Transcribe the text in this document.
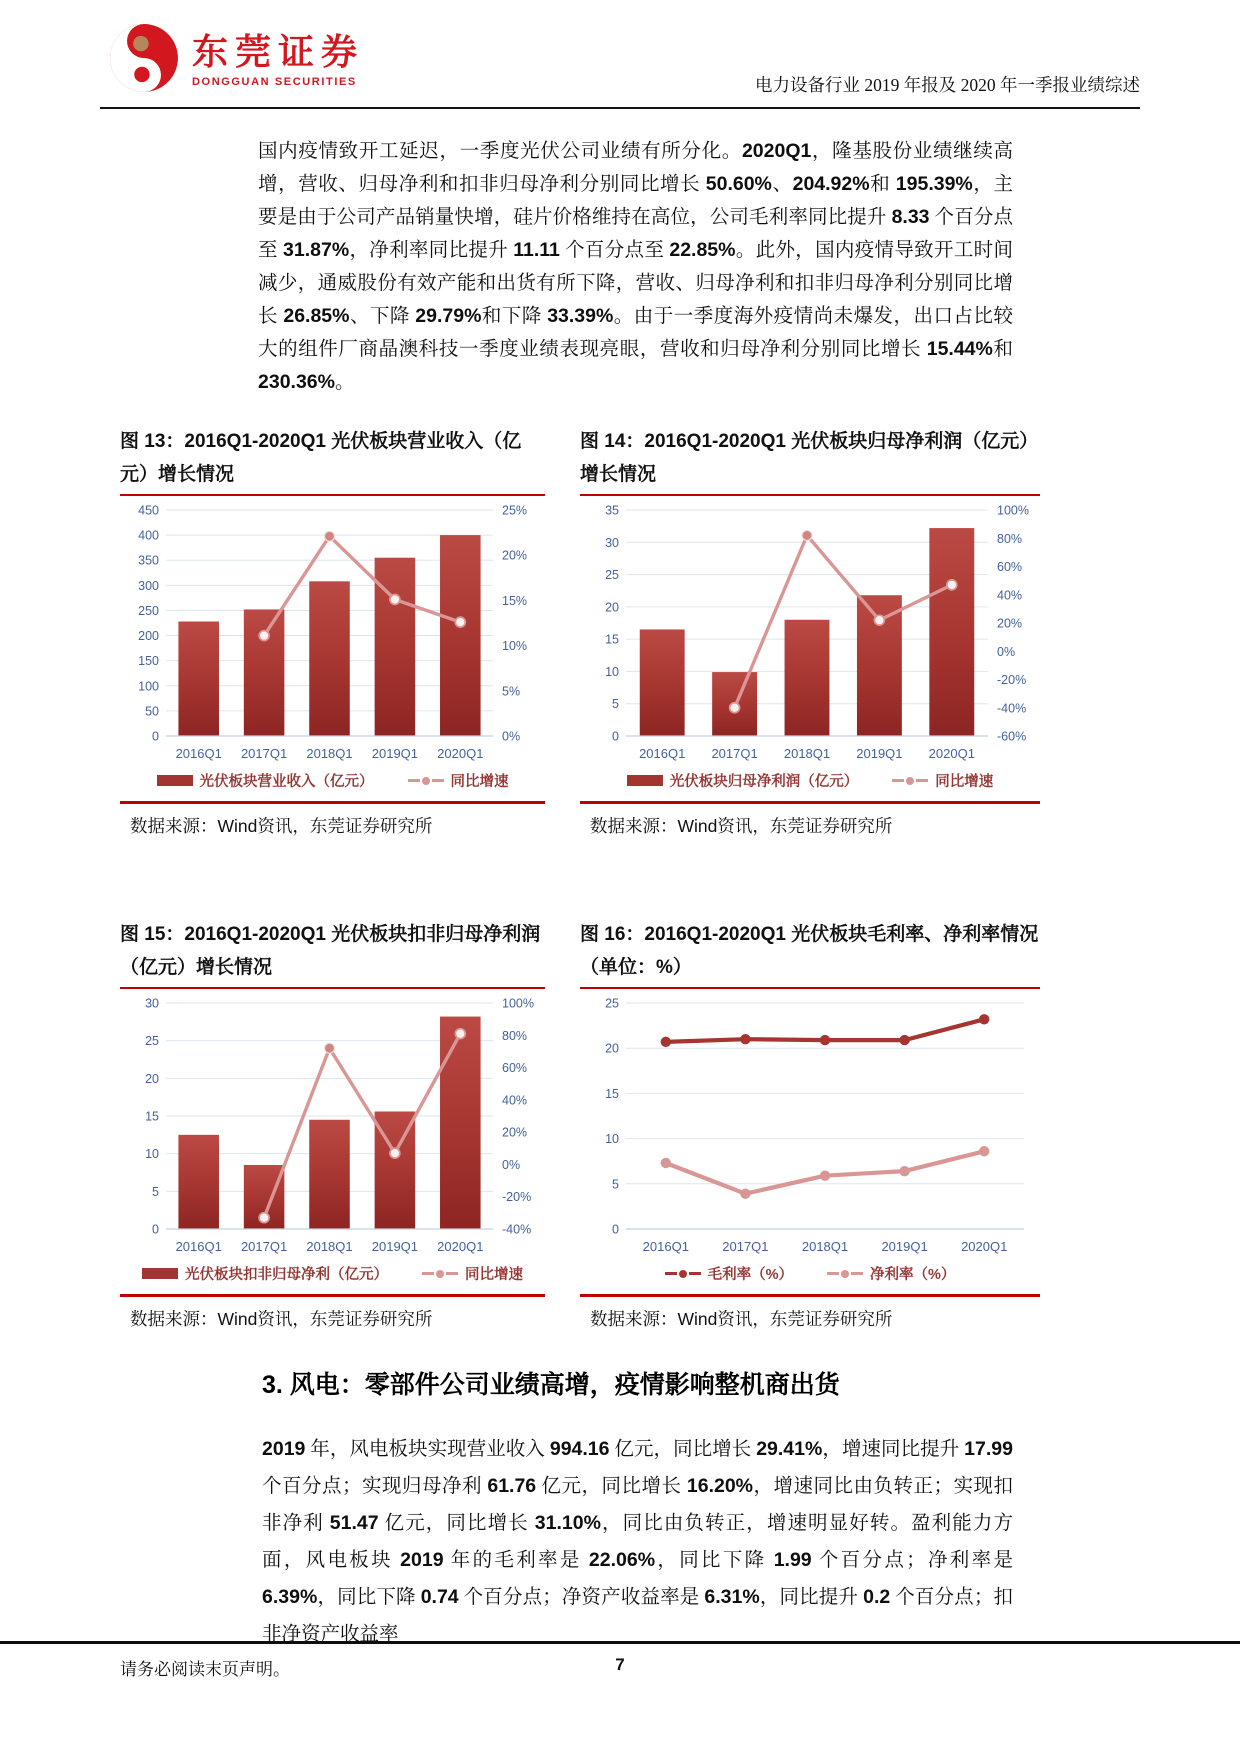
东莞证券
DONGGUAN SECURITIES	电力设备行业 2019 年报及 2020 年一季报业绩综述
国内疫情致开工延迟，一季度光伏公司业绩有所分化。2020Q1，隆基股份业绩继续高增，营收、归母净利和扣非归母净利分别同比增长 50.60%、204.92%和 195.39%，主要是由于公司产品销量快增，硅片价格维持在高位，公司毛利率同比提升 8.33 个百分点至 31.87%，净利率同比提升 11.11 个百分点至 22.85%。此外，国内疫情导致开工时间减少，通威股份有效产能和出货有所下降，营收、归母净利和扣非归母净利分别同比增长 26.85%、下降 29.79%和下降 33.39%。由于一季度海外疫情尚未爆发，出口占比较大的组件厂商晶澳科技一季度业绩表现亮眼，营收和归母净利分别同比增长 15.44%和 230.36%。
图 13：2016Q1-2020Q1 光伏板块营业收入（亿元）增长情况
0
50
100
150
200
250
300
350
400
450
0%
5%
10%
15%
20%
25%
2016Q1 2017Q1 2018Q1 2019Q1 2020Q1
光伏板块营业收入（亿元）	同比增速
数据来源：Wind资讯，东莞证券研究所
图 14：2016Q1-2020Q1 光伏板块归母净利润（亿元）增长情况
0
5
10
15
20
25
30
35
-60%
-40%
-20%
0%
20%
40%
60%
80%
100%
2016Q1 2017Q1 2018Q1 2019Q1 2020Q1
光伏板块归母净利润（亿元）	同比增速
数据来源：Wind资讯，东莞证券研究所
图 15：2016Q1-2020Q1 光伏板块扣非归母净利润（亿元）增长情况
0
5
10
15
20
25
30
-40%
-20%
0%
20%
40%
60%
80%
100%
2016Q1 2017Q1 2018Q1 2019Q1 2020Q1
光伏板块扣非归母净利（亿元）	同比增速
数据来源：Wind资讯，东莞证券研究所
图 16：2016Q1-2020Q1 光伏板块毛利率、净利率情况（单位：%）
0
5
10
15
20
25
2016Q1	2017Q1	2018Q1	2019Q1	2020Q1
毛利率（%）	净利率（%）
数据来源：Wind资讯，东莞证券研究所
3. 风电：零部件公司业绩高增，疫情影响整机商出货
2019 年，风电板块实现营业收入 994.16 亿元，同比增长 29.41%，增速同比提升 17.99 个百分点；实现归母净利 61.76 亿元，同比增长 16.20%，增速同比由负转正；实现扣非净利 51.47 亿元，同比增长 31.10%，同比由负转正，增速明显好转。盈利能力方面，风电板块 2019 年的毛利率是 22.06%，同比下降 1.99 个百分点；净利率是 6.39%，同比下降 0.74 个百分点；净资产收益率是 6.31%，同比提升 0.2 个百分点；扣非净资产收益率
请务必阅读末页声明。	7
